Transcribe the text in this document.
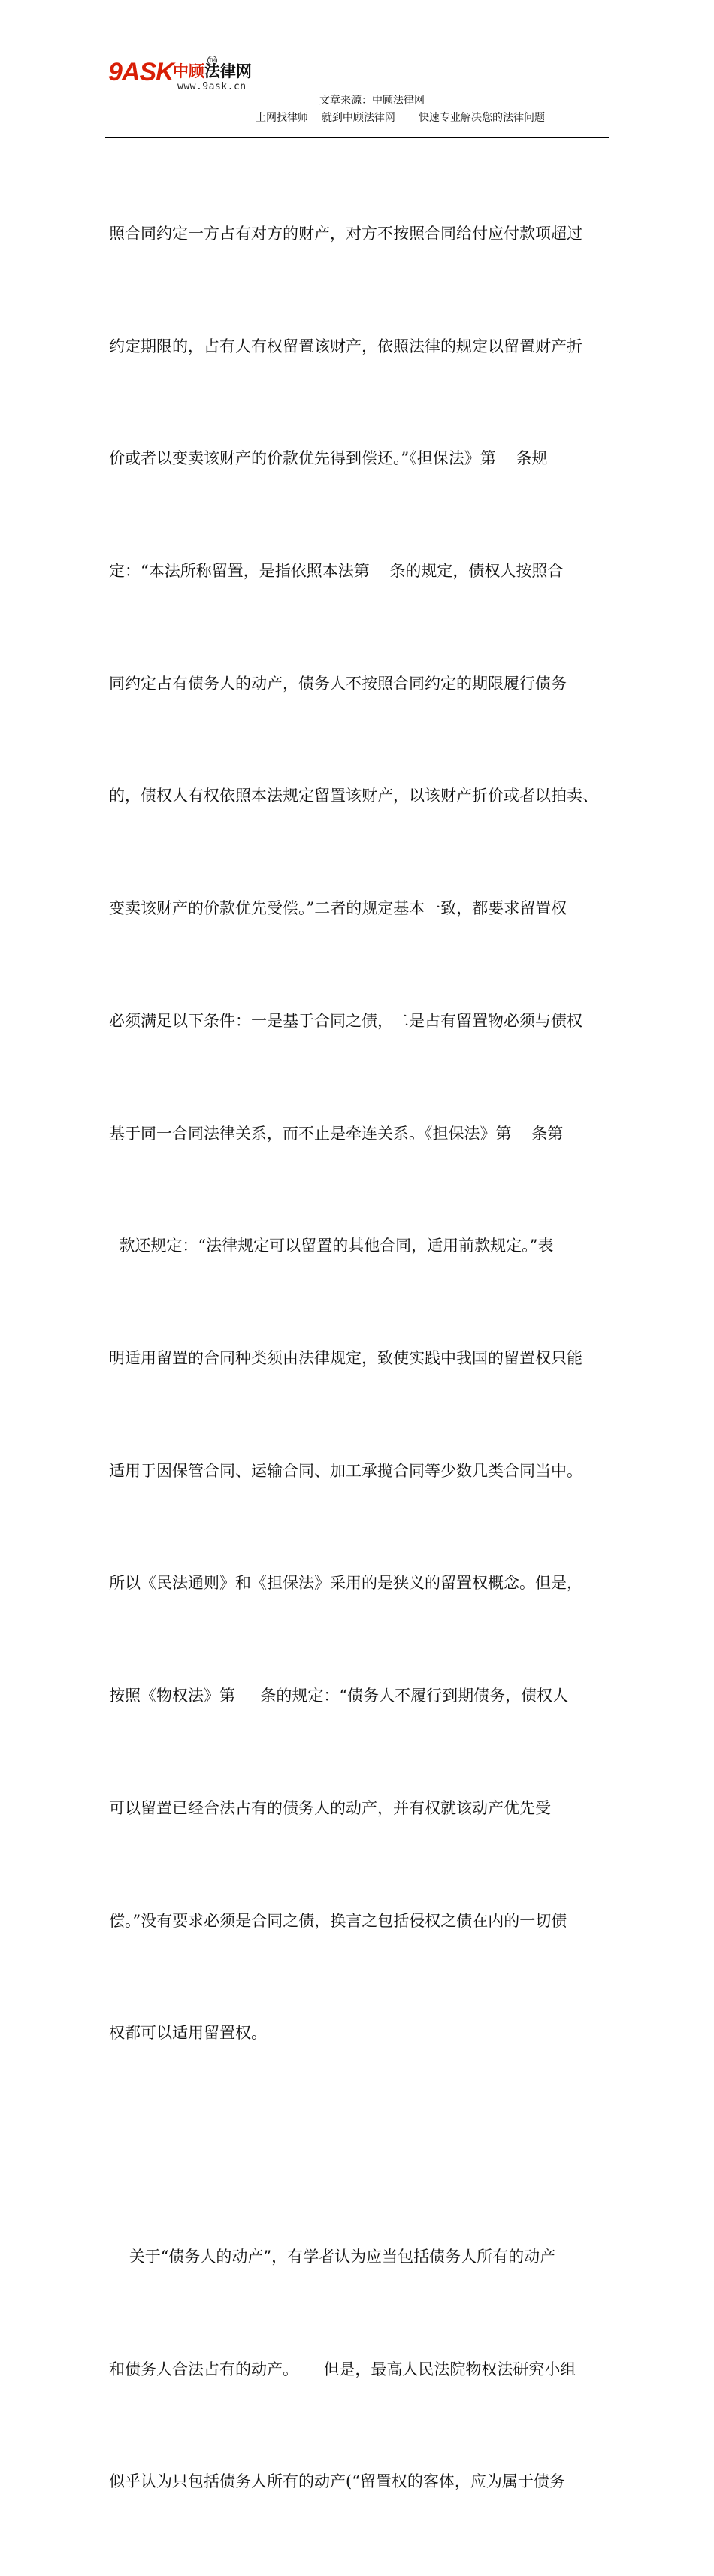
9ASK 中顾法律网
TM
www.9ask.cn
文章来源：中顾法律网
上网找律师    就到中顾法律网       快速专业解决您的法律问题

照合同约定一方占有对方的财产，对方不按照合同给付应付款项超过

约定期限的，占有人有权留置该财产，依照法律的规定以留置财产折

价或者以变卖该财产的价款优先得到偿还。”《担保法》第    条规

定：“本法所称留置，是指依照本法第    条的规定，债权人按照合

同约定占有债务人的动产，债务人不按照合同约定的期限履行债务

的，债权人有权依照本法规定留置该财产，以该财产折价或者以拍卖、

变卖该财产的价款优先受偿。”二者的规定基本一致，都要求留置权

必须满足以下条件：一是基于合同之债，二是占有留置物必须与债权

基于同一合同法律关系，而不止是牵连关系。《担保法》第    条第

款还规定：“法律规定可以留置的其他合同，适用前款规定。”表

明适用留置的合同种类须由法律规定，致使实践中我国的留置权只能

适用于因保管合同、运输合同、加工承揽合同等少数几类合同当中。

所以《民法通则》和《担保法》采用的是狭义的留置权概念。但是，

按照《物权法》第     条的规定：“债务人不履行到期债务，债权人

可以留置已经合法占有的债务人的动产，并有权就该动产优先受

偿。”没有要求必须是合同之债，换言之包括侵权之债在内的一切债

权都可以适用留置权。

关于“债务人的动产”，有学者认为应当包括债务人所有的动产

和债务人合法占有的动产。     但是，最高人民法院物权法研究小组

似乎认为只包括债务人所有的动产(“留置权的客体，应为属于债务
